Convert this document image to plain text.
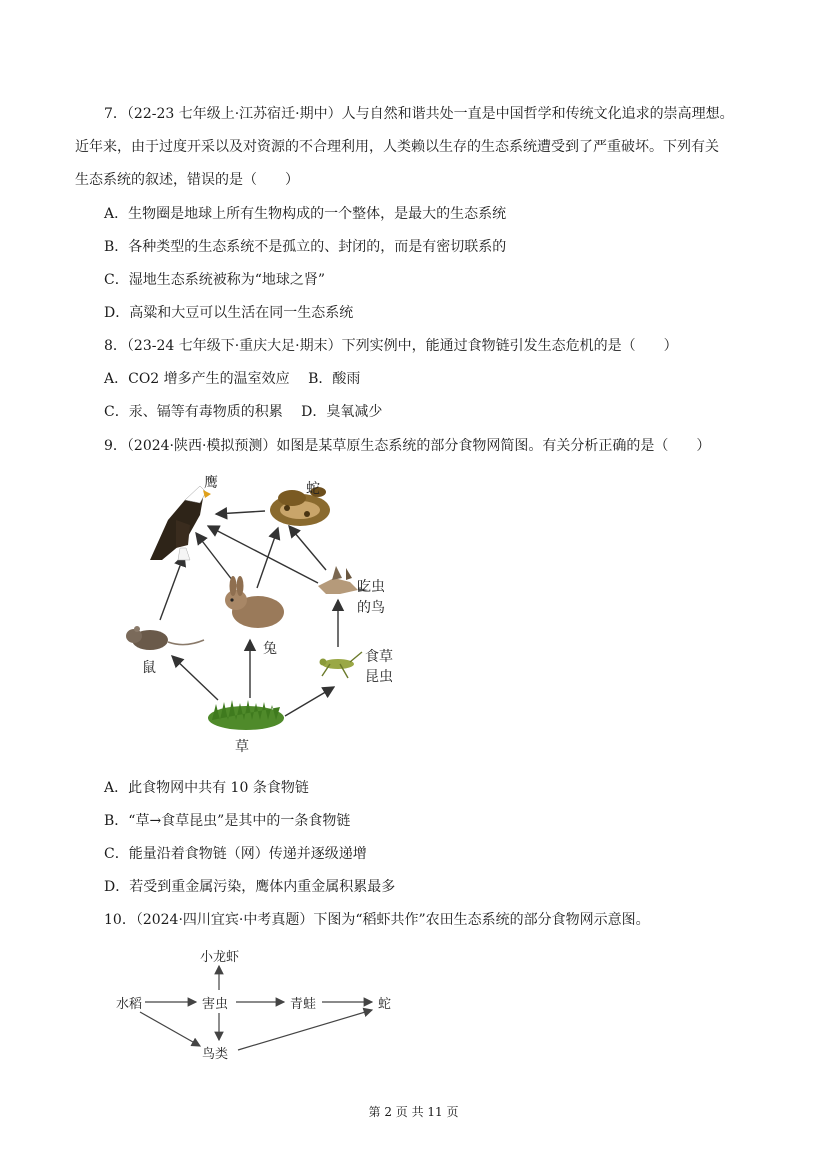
7．（22-23 七年级上·江苏宿迁·期中）人与自然和谐共处一直是中国哲学和传统文化追求的崇高理想。
近年来，由于过度开采以及对资源的不合理利用，人类赖以生存的生态系统遭受到了严重破坏。下列有关
生态系统的叙述，错误的是（　　）
A．生物圈是地球上所有生物构成的一个整体，是最大的生态系统
B．各种类型的生态系统不是孤立的、封闭的，而是有密切联系的
C．湿地生态系统被称为“地球之肾”
D．高粱和大豆可以生活在同一生态系统
8．（23-24 七年级下·重庆大足·期末）下列实例中，能通过食物链引发生态危机的是（　　）
A．CO2 增多产生的温室效应　 B．酸雨
C．汞、镉等有毒物质的积累　 D．臭氧减少
9．（2024·陕西·模拟预测）如图是某草原生态系统的部分食物网简图。有关分析正确的是（　　）
鹰	蛇
吃虫
的鸟
兔
鼠
食草
昆虫
草
A．此食物网中共有 10 条食物链
B．“草→食草昆虫”是其中的一条食物链
C．能量沿着食物链（网）传递并逐级递增
D．若受到重金属污染，鹰体内重金属积累最多
10．（2024·四川宜宾·中考真题）下图为“稻虾共作”农田生态系统的部分食物网示意图。
小龙虾
水稻	害虫	青蛙	蛇
鸟类
第 2 页 共 11 页
